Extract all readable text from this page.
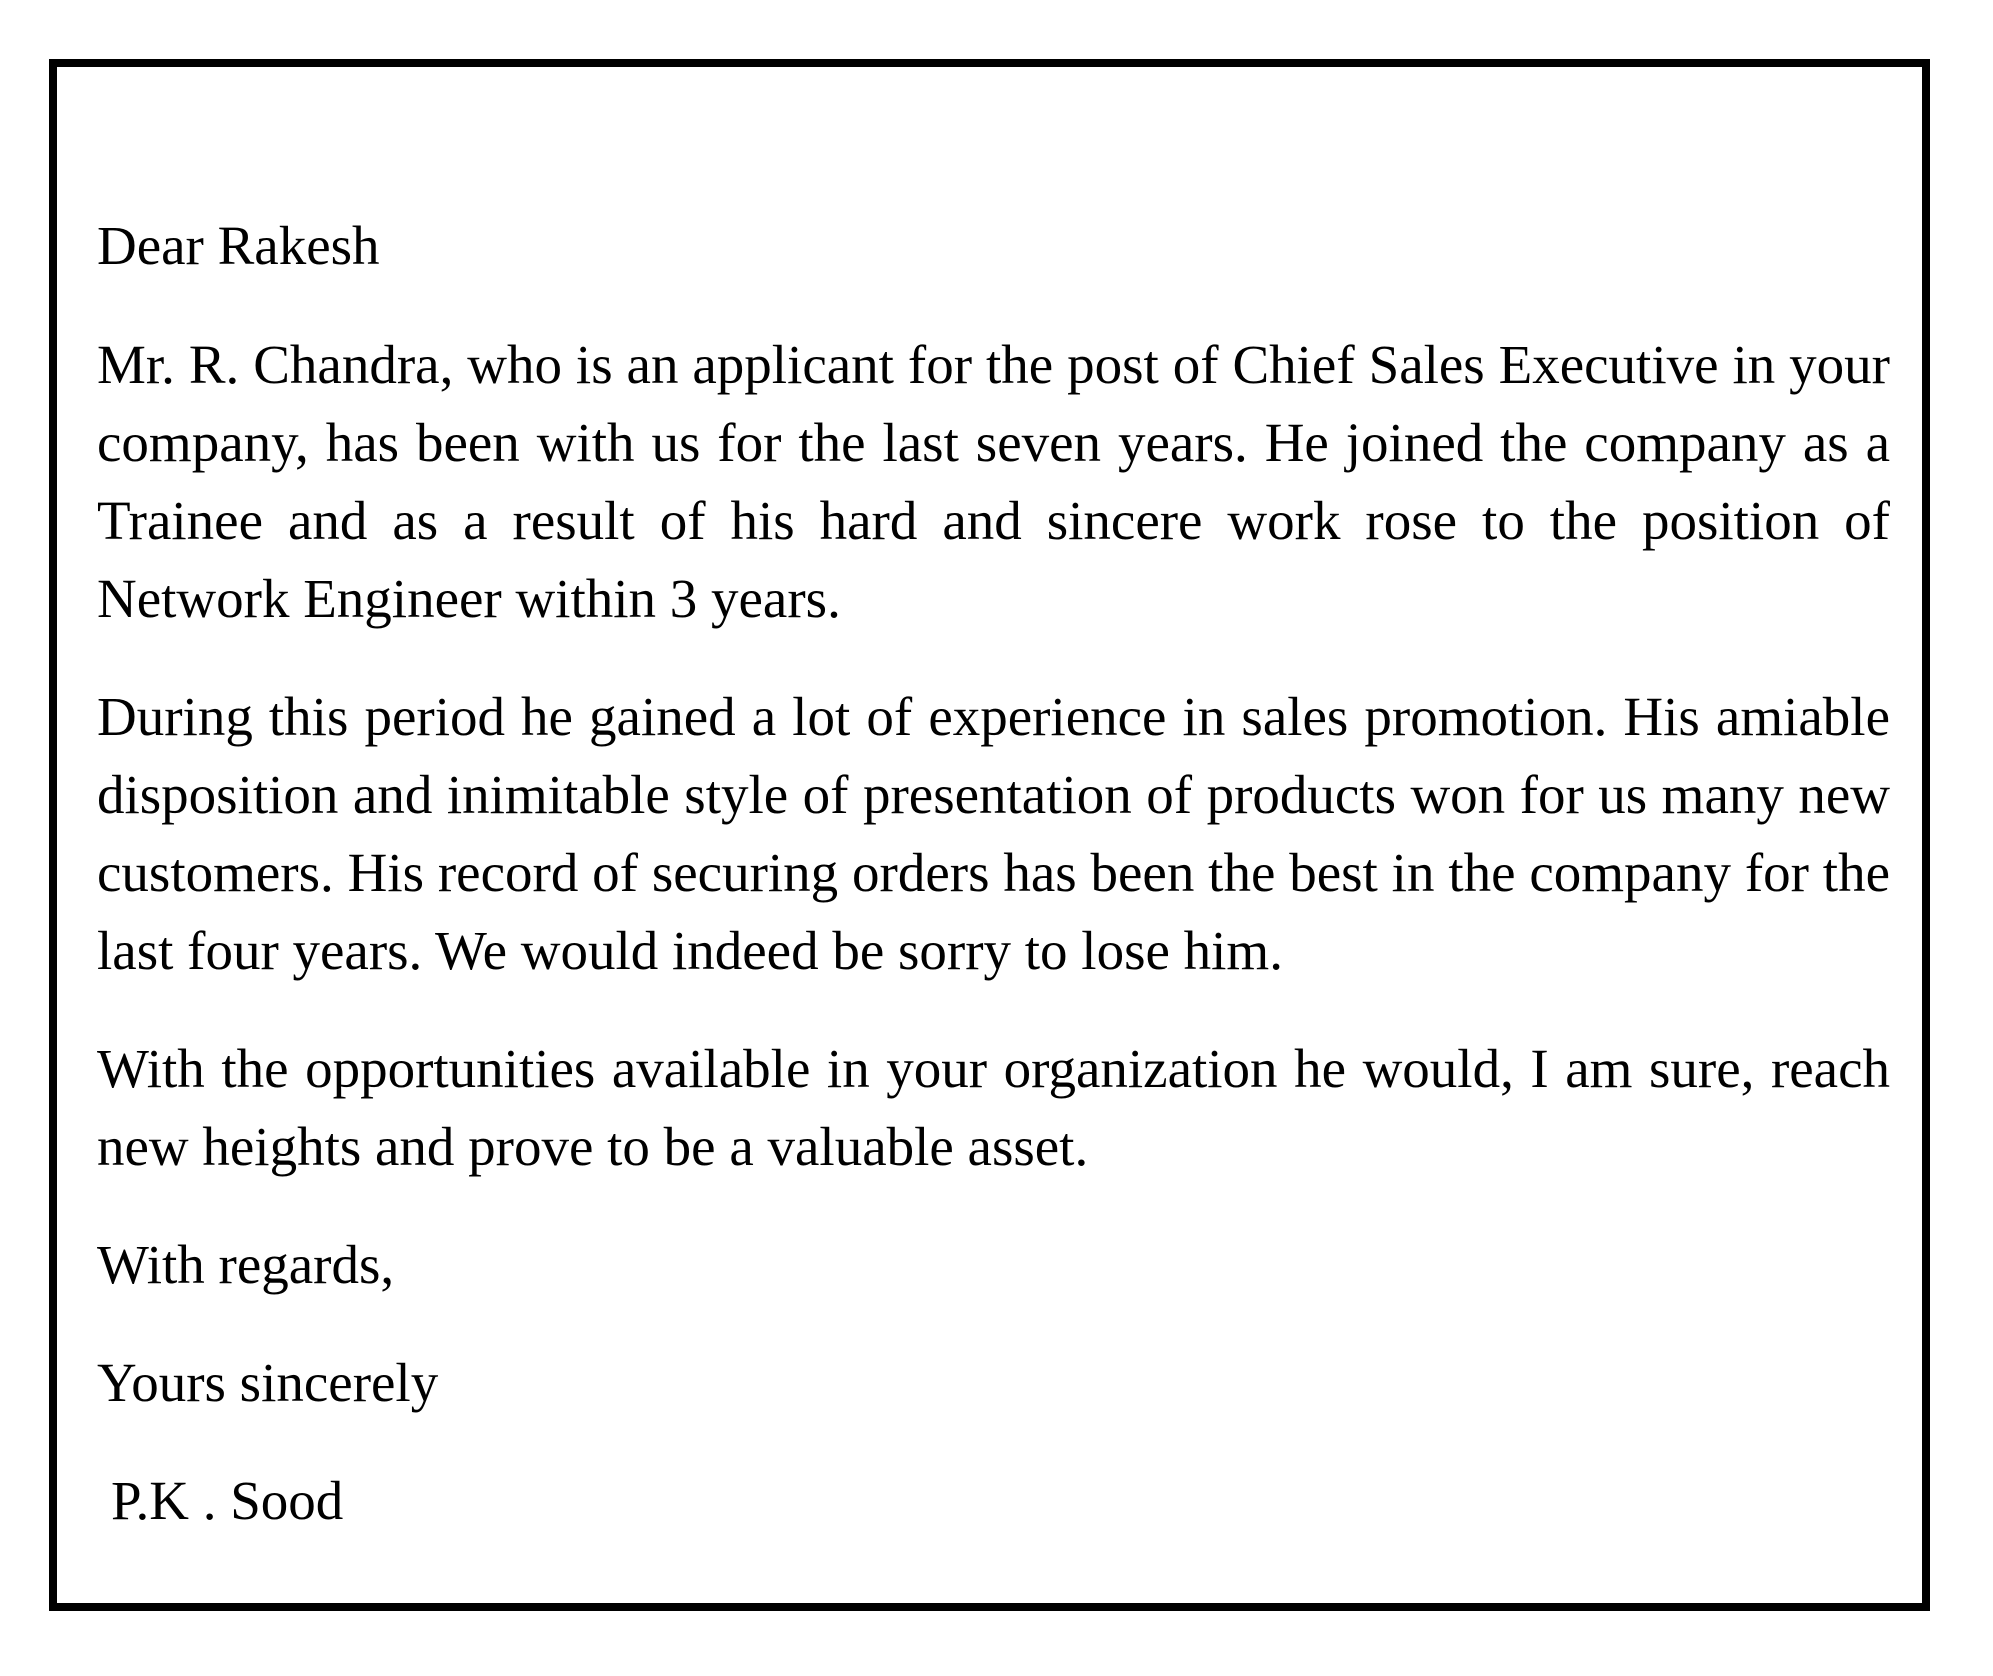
Dear Rakesh

Mr. R. Chandra, who is an applicant for the post of Chief Sales Executive in your company, has been with us for the last seven years. He joined the company as a Trainee and as a result of his hard and sincere work rose to the position of Network Engineer within 3 years.

During this period he gained a lot of experience in sales promotion. His amiable disposition and inimitable style of presentation of products won for us many new customers. His record of securing orders has been the best in the company for the last four years. We would indeed be sorry to lose him.

With the opportunities available in your organization he would, I am sure, reach new heights and prove to be a valuable asset.

With regards,

Yours sincerely

P.K . Sood
